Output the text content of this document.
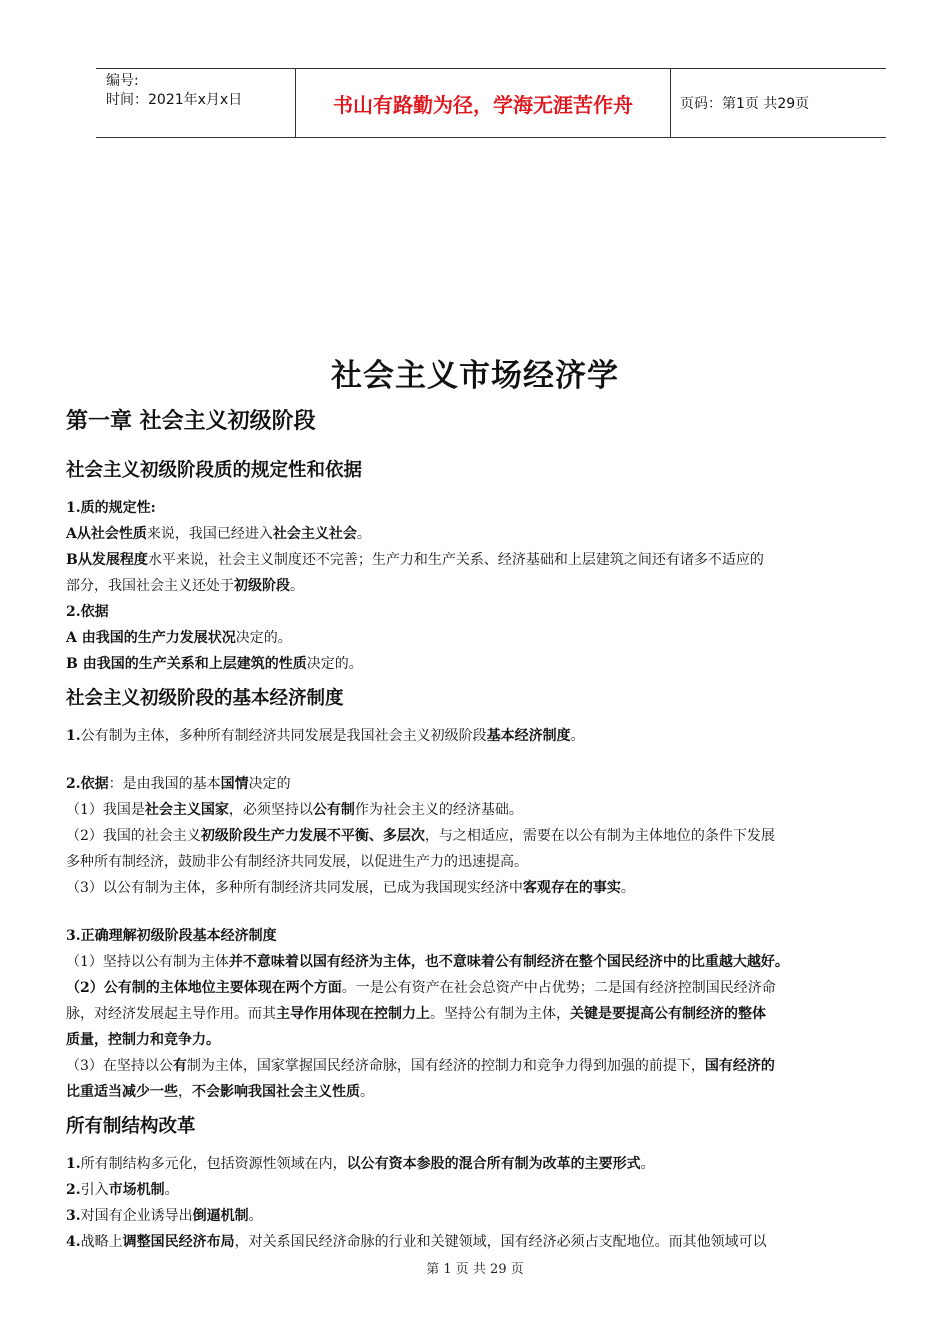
编号:
时间：2021年x月x日	书山有路勤为径，学海无涯苦作舟	页码：第1页 共29页
社会主义市场经济学
第一章 社会主义初级阶段
社会主义初级阶段质的规定性和依据

1.质的规定性:

A从社会性质来说，我国已经进入社会主义社会。

B从发展程度水平来说，社会主义制度还不完善；生产力和生产关系、经济基础和上层建筑之间还有诸多不适应的

部分，我国社会主义还处于初级阶段。

2.依据

A 由我国的生产力发展状况决定的。

B 由我国的生产关系和上层建筑的性质决定的。

社会主义初级阶段的基本经济制度

1.公有制为主体，多种所有制经济共同发展是我国社会主义初级阶段基本经济制度。

2.依据：是由我国的基本国情决定的

（1）我国是社会主义国家，必须坚持以公有制作为社会主义的经济基础。

（2）我国的社会主义初级阶段生产力发展不平衡、多层次，与之相适应，需要在以公有制为主体地位的条件下发展

多种所有制经济，鼓励非公有制经济共同发展，以促进生产力的迅速提高。

（3）以公有制为主体，多种所有制经济共同发展，已成为我国现实经济中客观存在的事实。

3.正确理解初级阶段基本经济制度

（1）坚持以公有制为主体并不意味着以国有经济为主体，也不意味着公有制经济在整个国民经济中的比重越大越好。

（2）公有制的主体地位主要体现在两个方面。一是公有资产在社会总资产中占优势；二是国有经济控制国民经济命

脉，对经济发展起主导作用。而其主导作用体现在控制力上。坚持公有制为主体，关键是要提高公有制经济的整体

质量，控制力和竞争力。

（3）在坚持以公有制为主体，国家掌握国民经济命脉，国有经济的控制力和竞争力得到加强的前提下，国有经济的

比重适当减少一些，不会影响我国社会主义性质。

所有制结构改革

1.所有制结构多元化，包括资源性领域在内，以公有资本参股的混合所有制为改革的主要形式。

2.引入市场机制。

3.对国有企业诱导出倒逼机制。

4.战略上调整国民经济布局，对关系国民经济命脉的行业和关键领域，国有经济必须占支配地位。而其他领域可以

第 1 页 共 29 页
